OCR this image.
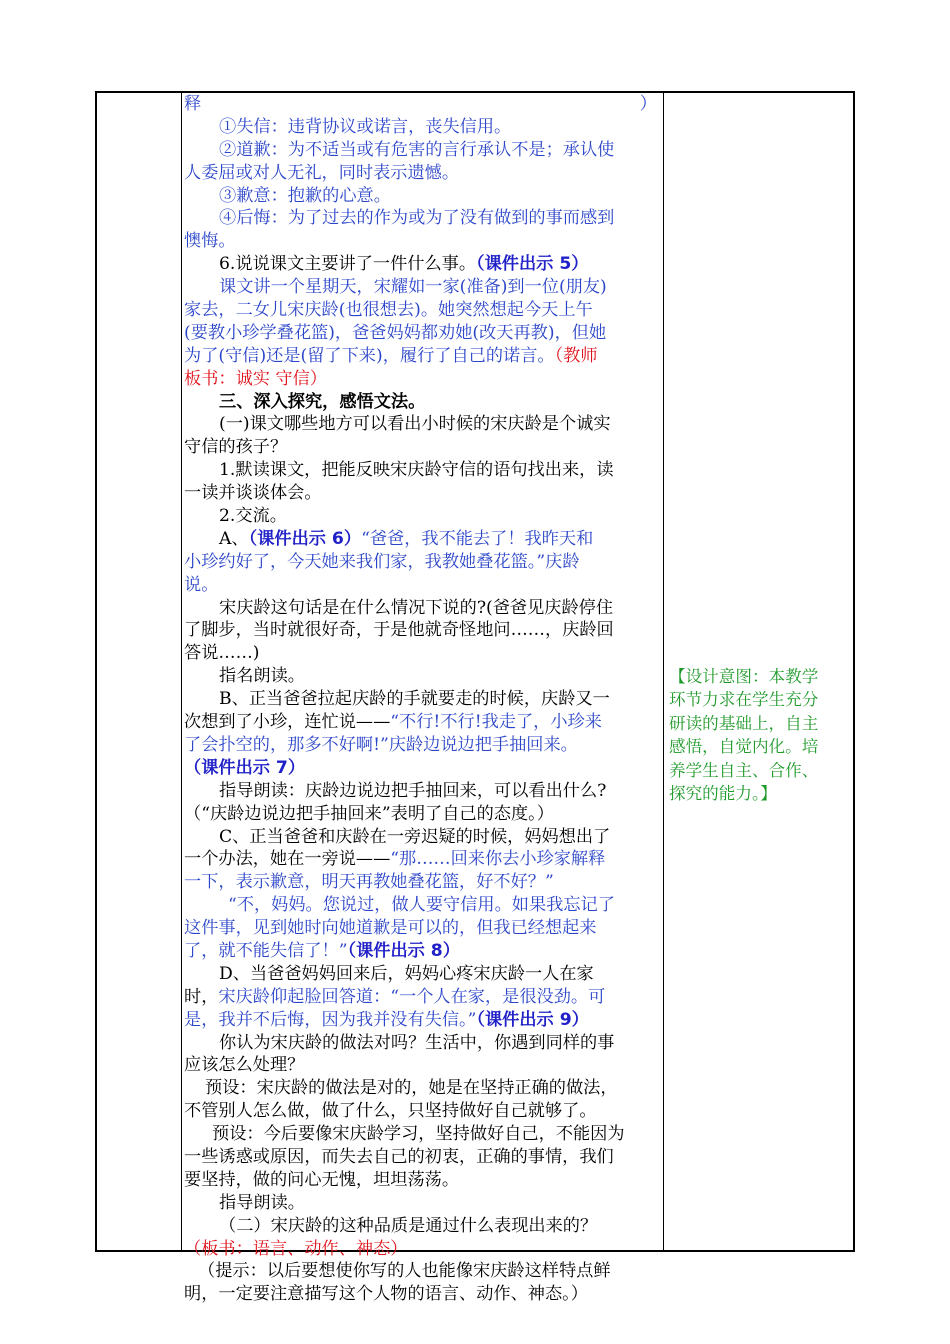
释	）
①失信：违背协议或诺言，丧失信用。
②道歉：为不适当或有危害的言行承认不是；承认使
人委屈或对人无礼，同时表示遗憾。
③歉意：抱歉的心意。
④后悔：为了过去的作为或为了没有做到的事而感到
懊悔。
6.说说课文主要讲了一件什么事。（课件出示 5）
课文讲一个星期天，宋耀如一家(准备)到一位(朋友)
家去，二女儿宋庆龄(也很想去)。她突然想起今天上午
(要教小珍学叠花篮)，爸爸妈妈都劝她(改天再教)，但她
为了(守信)还是(留了下来)，履行了自己的诺言。（教师
板书：诚实 守信）
三、深入探究，感悟文法。
(一)课文哪些地方可以看出小时候的宋庆龄是个诚实
守信的孩子？
1.默读课文，把能反映宋庆龄守信的语句找出来，读
一读并谈谈体会。
2.交流。
A、（课件出示 6）“爸爸，我不能去了！我昨天和
小珍约好了，今天她来我们家，我教她叠花篮。”庆龄
说。
宋庆龄这句话是在什么情况下说的?(爸爸见庆龄停住
了脚步，当时就很好奇，于是他就奇怪地问……，庆龄回
答说……)
指名朗读。
B、正当爸爸拉起庆龄的手就要走的时候，庆龄又一
次想到了小珍，连忙说——“不行!不行!我走了，小珍来
了会扑空的，那多不好啊!”庆龄边说边把手抽回来。
（课件出示 7）
指导朗读：庆龄边说边把手抽回来，可以看出什么?
（“庆龄边说边把手抽回来”表明了自己的态度。）
C、正当爸爸和庆龄在一旁迟疑的时候，妈妈想出了
一个办法，她在一旁说——“那……回来你去小珍家解释
一下，表示歉意，明天再教她叠花篮，好不好？”
“不，妈妈。您说过，做人要守信用。如果我忘记了
这件事，见到她时向她道歉是可以的，但我已经想起来
了，就不能失信了！”（课件出示 8）
D、当爸爸妈妈回来后，妈妈心疼宋庆龄一人在家
时，宋庆龄仰起脸回答道：“一个人在家，是很没劲。可
是，我并不后悔，因为我并没有失信。”（课件出示 9）
你认为宋庆龄的做法对吗？生活中，你遇到同样的事
应该怎么处理？
预设：宋庆龄的做法是对的，她是在坚持正确的做法，
不管别人怎么做，做了什么，只坚持做好自己就够了。
预设：今后要像宋庆龄学习，坚持做好自己，不能因为
一些诱惑或原因，而失去自己的初衷，正确的事情，我们
要坚持，做的问心无愧，坦坦荡荡。
指导朗读。
（二）宋庆龄的这种品质是通过什么表现出来的？
（板书：语言、动作、神态）
（提示：以后要想使你写的人也能像宋庆龄这样特点鲜
明，一定要注意描写这个人物的语言、动作、神态。）
【设计意图：本教学
环节力求在学生充分
研读的基础上，自主
感悟，自觉内化。培
养学生自主、合作、
探究的能力。】
